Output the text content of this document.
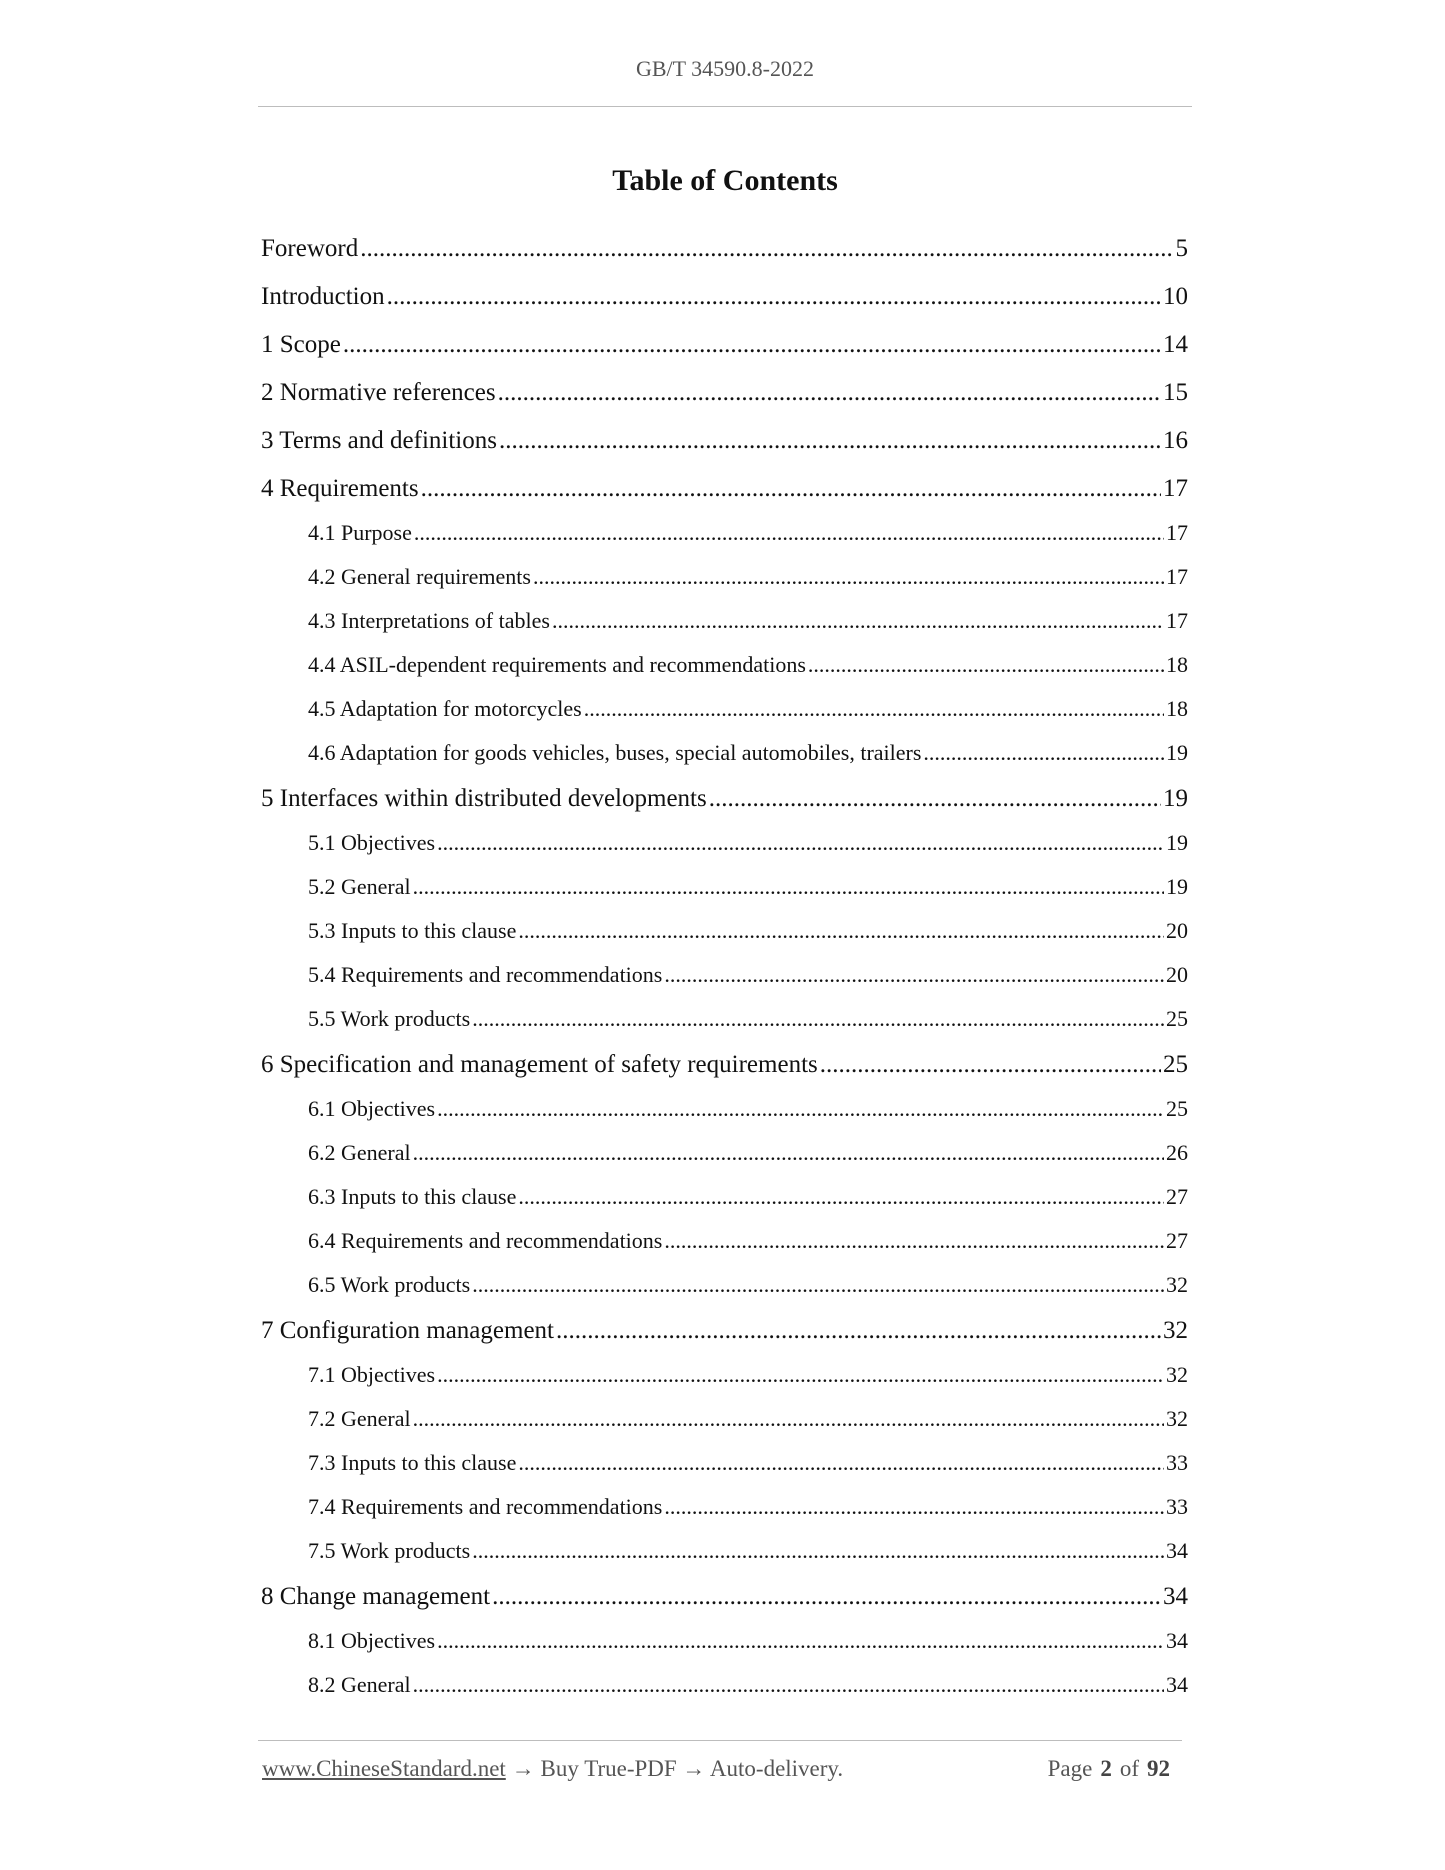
GB/T 34590.8-2022
Table of Contents
Foreword .....	5
Introduction .....	10
1 Scope .....	14
2 Normative references .....	15
3 Terms and definitions .....	16
4 Requirements .....	17
4.1 Purpose .....	17
4.2 General requirements .....	17
4.3 Interpretations of tables .....	17
4.4 ASIL-dependent requirements and recommendations .....	18
4.5 Adaptation for motorcycles .....	18
4.6 Adaptation for goods vehicles, buses, special automobiles, trailers .....	19
5 Interfaces within distributed developments .....	19
5.1 Objectives .....	19
5.2 General .....	19
5.3 Inputs to this clause .....	20
5.4 Requirements and recommendations .....	20
5.5 Work products .....	25
6 Specification and management of safety requirements .....	25
6.1 Objectives .....	25
6.2 General .....	26
6.3 Inputs to this clause .....	27
6.4 Requirements and recommendations .....	27
6.5 Work products .....	32
7 Configuration management .....	32
7.1 Objectives .....	32
7.2 General .....	32
7.3 Inputs to this clause .....	33
7.4 Requirements and recommendations .....	33
7.5 Work products .....	34
8 Change management .....	34
8.1 Objectives .....	34
8.2 General .....	34
www.ChineseStandard.net → Buy True-PDF → Auto-delivery.	Page 2 of 92
